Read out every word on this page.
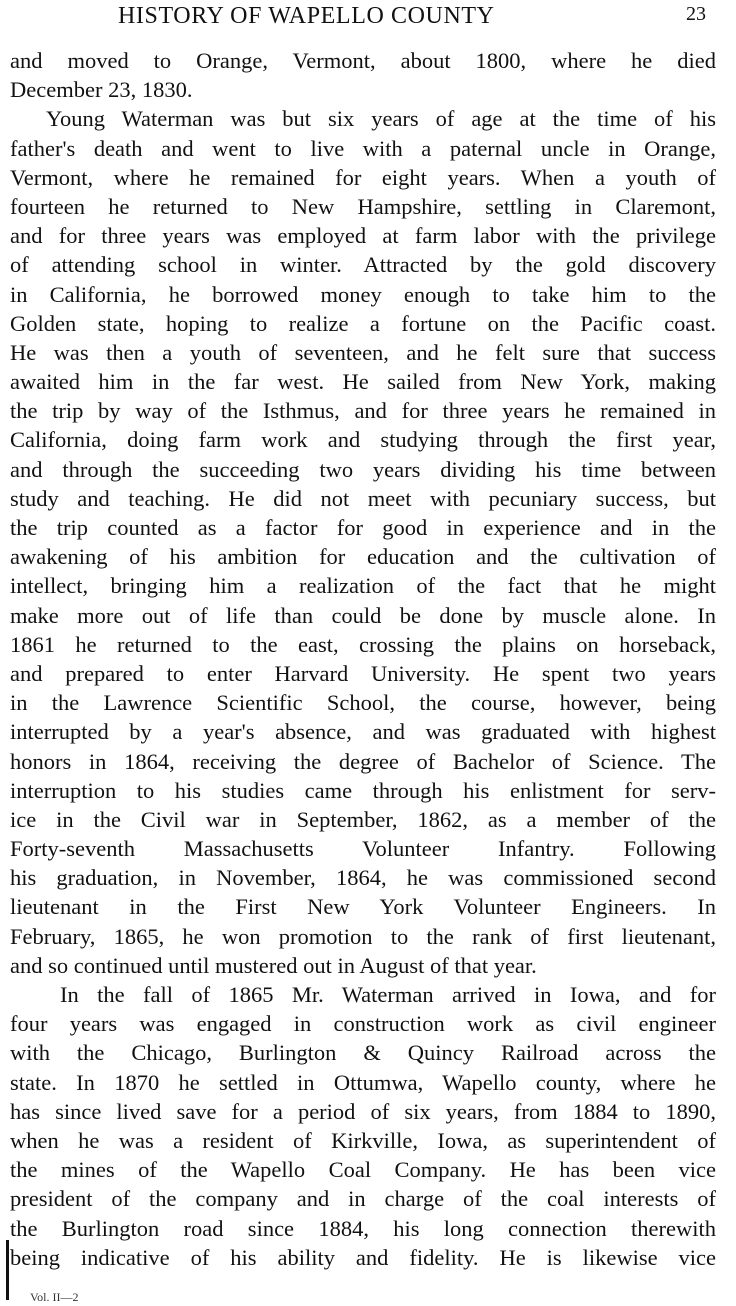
HISTORY OF WAPELLO COUNTY	23
and moved to Orange, Vermont, about 1800, where he died
December 23, 1830.
Young Waterman was but six years of age at the time of his
father's death and went to live with a paternal uncle in Orange,
Vermont, where he remained for eight years. When a youth of
fourteen he returned to New Hampshire, settling in Claremont,
and for three years was employed at farm labor with the privilege
of attending school in winter. Attracted by the gold discovery
in California, he borrowed money enough to take him to the
Golden state, hoping to realize a fortune on the Pacific coast.
He was then a youth of seventeen, and he felt sure that success
awaited him in the far west. He sailed from New York, making
the trip by way of the Isthmus, and for three years he remained in
California, doing farm work and studying through the first year,
and through the succeeding two years dividing his time between
study and teaching. He did not meet with pecuniary success, but
the trip counted as a factor for good in experience and in the
awakening of his ambition for education and the cultivation of
intellect, bringing him a realization of the fact that he might
make more out of life than could be done by muscle alone. In
1861 he returned to the east, crossing the plains on horseback,
and prepared to enter Harvard University. He spent two years
in the Lawrence Scientific School, the course, however, being
interrupted by a year's absence, and was graduated with highest
honors in 1864, receiving the degree of Bachelor of Science. The
interruption to his studies came through his enlistment for serv-
ice in the Civil war in September, 1862, as a member of the
Forty-seventh Massachusetts Volunteer Infantry. Following
his graduation, in November, 1864, he was commissioned second
lieutenant in the First New York Volunteer Engineers. In
February, 1865, he won promotion to the rank of first lieutenant,
and so continued until mustered out in August of that year.
In the fall of 1865 Mr. Waterman arrived in Iowa, and for
four years was engaged in construction work as civil engineer
with the Chicago, Burlington & Quincy Railroad across the
state. In 1870 he settled in Ottumwa, Wapello county, where he
has since lived save for a period of six years, from 1884 to 1890,
when he was a resident of Kirkville, Iowa, as superintendent of
the mines of the Wapello Coal Company. He has been vice
president of the company and in charge of the coal interests of
the Burlington road since 1884, his long connection therewith
being indicative of his ability and fidelity. He is likewise vice
Vol. II—2
